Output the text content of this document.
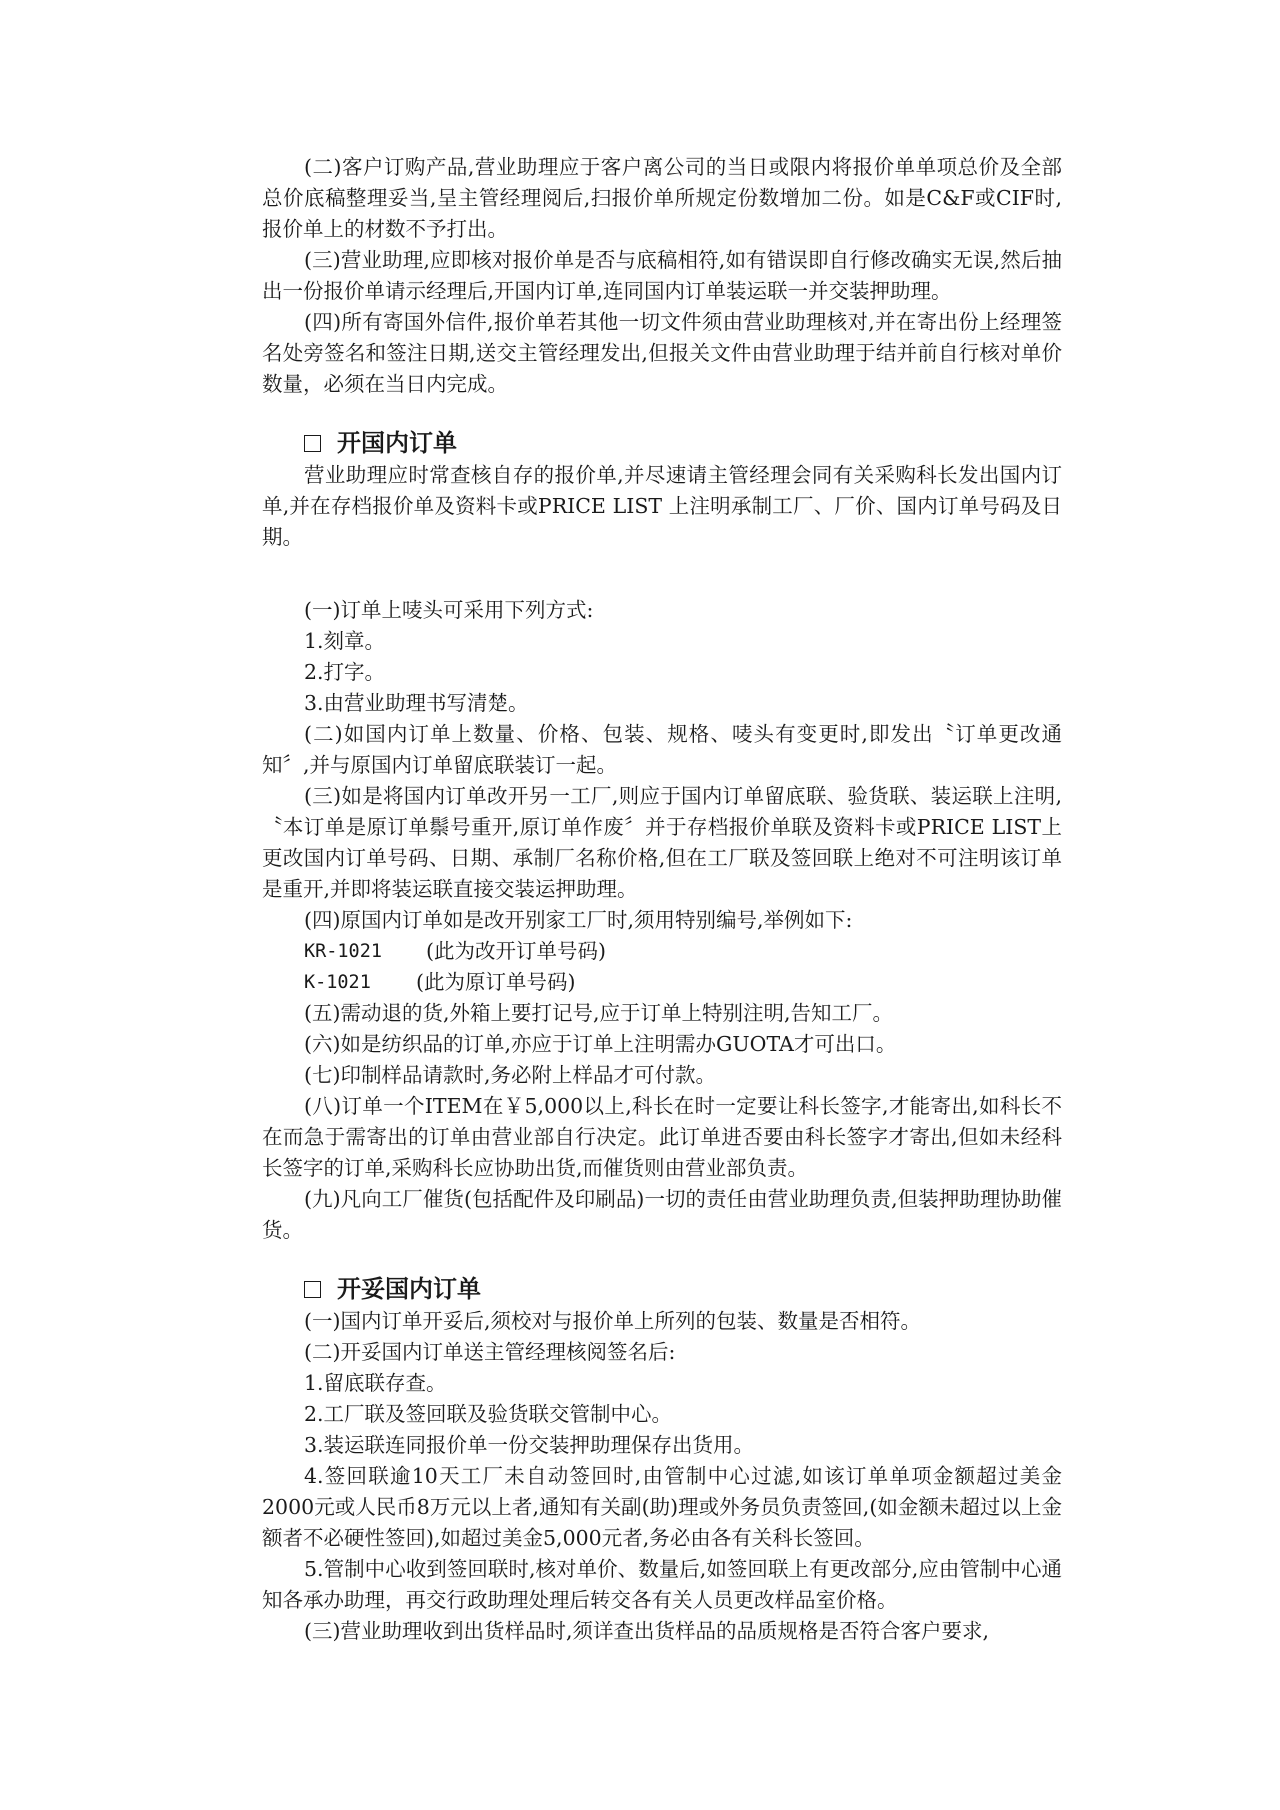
(二)客户订购产品,营业助理应于客户离公司的当日或限内将报价单单项总价及全部总价底稿整理妥当,呈主管经理阅后,扫报价单所规定份数增加二份。如是C&F或CIF时,报价单上的材数不予打出。

(三)营业助理,应即核对报价单是否与底稿相符,如有错误即自行修改确实无误,然后抽出一份报价单请示经理后,开国内订单,连同国内订单装运联一并交装押助理。

(四)所有寄国外信件,报价单若其他一切文件须由营业助理核对,并在寄出份上经理签名处旁签名和签注日期,送交主管经理发出,但报关文件由营业助理于结并前自行核对单价数量，必须在当日内完成。

开国内订单

营业助理应时常查核自存的报价单,并尽速请主管经理会同有关采购科长发出国内订单,并在存档报价单及资料卡或PRICE LIST 上注明承制工厂、厂价、国内订单号码及日期。

(一)订单上唛头可采用下列方式:

1.刻章。

2.打字。

3.由营业助理书写清楚。

(二)如国内订单上数量、价格、包装、规格、唛头有变更时,即发出〝订单更改通知〞,并与原国内订单留底联装订一起。

(三)如是将国内订单改开另一工厂,则应于国内订单留底联、验货联、装运联上注明,〝本订单是原订单鬃号重开,原订单作废〞并于存档报价单联及资料卡或PRICE LIST上更改国内订单号码、日期、承制厂名称价格,但在工厂联及签回联上绝对不可注明该订单是重开,并即将装运联直接交装运押助理。

(四)原国内订单如是改开别家工厂时,须用特别编号,举例如下:

KR-1021	(此为改开订单号码)
K-1021	(此为原订单号码)

(五)需动退的货,外箱上要打记号,应于订单上特别注明,告知工厂。

(六)如是纺织品的订单,亦应于订单上注明需办GUOTA才可出口。

(七)印制样品请款时,务必附上样品才可付款。

(八)订单一个ITEM在￥5,000以上,科长在时一定要让科长签字,才能寄出,如科长不在而急于需寄出的订单由营业部自行决定。此订单进否要由科长签字才寄出,但如未经科长签字的订单,采购科长应协助出货,而催货则由营业部负责。

(九)凡向工厂催货(包括配件及印刷品)一切的责任由营业助理负责,但装押助理协助催货。

开妥国内订单

(一)国内订单开妥后,须校对与报价单上所列的包装、数量是否相符。

(二)开妥国内订单送主管经理核阅签名后:

1.留底联存查。

2.工厂联及签回联及验货联交管制中心。

3.装运联连同报价单一份交装押助理保存出货用。

4.签回联逾10天工厂未自动签回时,由管制中心过滤,如该订单单项金额超过美金2000元或人民币8万元以上者,通知有关副(助)理或外务员负责签回,(如金额未超过以上金额者不必硬性签回),如超过美金5,000元者,务必由各有关科长签回。

5.管制中心收到签回联时,核对单价、数量后,如签回联上有更改部分,应由管制中心通知各承办助理，再交行政助理处理后转交各有关人员更改样品室价格。

(三)营业助理收到出货样品时,须详查出货样品的品质规格是否符合客户要求,
